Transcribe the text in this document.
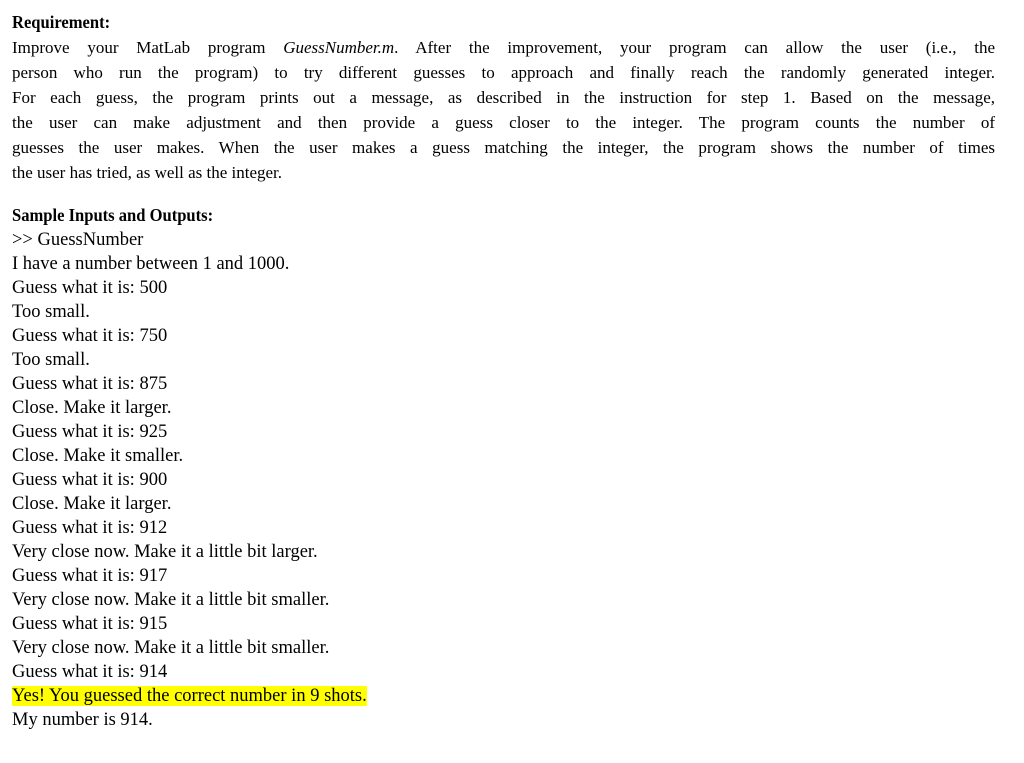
Requirement:
Improve your MatLab program GuessNumber.m. After the improvement, your program can allow the user (i.e., the
person who run the program) to try different guesses to approach and finally reach the randomly generated integer.
For each guess, the program prints out a message, as described in the instruction for step 1. Based on the message,
the user can make adjustment and then provide a guess closer to the integer. The program counts the number of
guesses the user makes. When the user makes a guess matching the integer, the program shows the number of times
the user has tried, as well as the integer.
Sample Inputs and Outputs:
>> GuessNumber
I have a number between 1 and 1000.
Guess what it is: 500
Too small.
Guess what it is: 750
Too small.
Guess what it is: 875
Close. Make it larger.
Guess what it is: 925
Close. Make it smaller.
Guess what it is: 900
Close. Make it larger.
Guess what it is: 912
Very close now. Make it a little bit larger.
Guess what it is: 917
Very close now. Make it a little bit smaller.
Guess what it is: 915
Very close now. Make it a little bit smaller.
Guess what it is: 914
Yes! You guessed the correct number in 9 shots.
My number is 914.
